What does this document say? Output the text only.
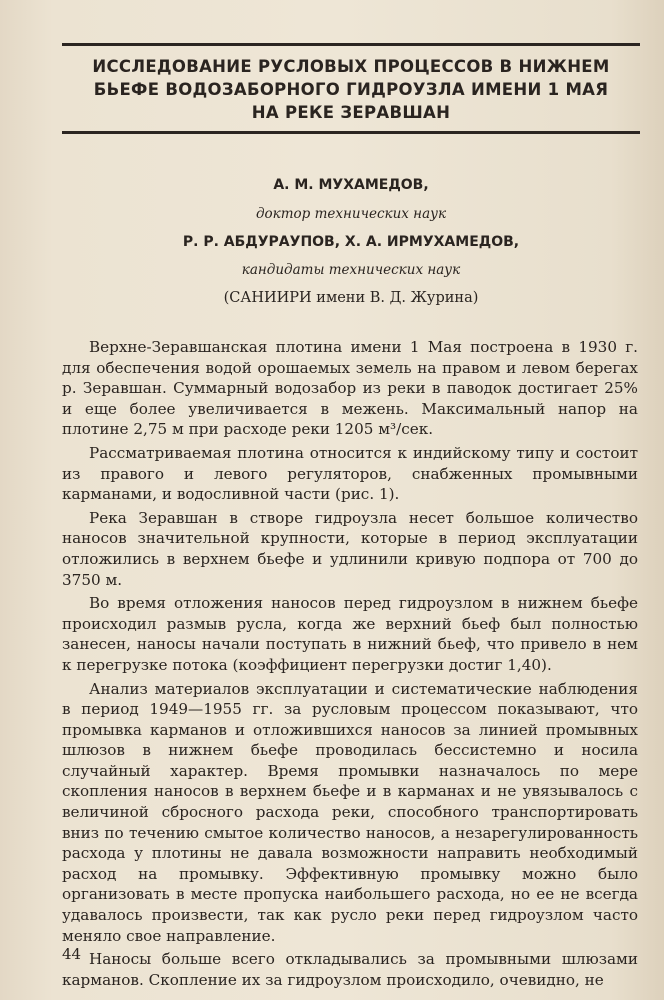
ИССЛЕДОВАНИЕ РУСЛОВЫХ ПРОЦЕССОВ В НИЖНЕМ
БЬЕФЕ ВОДОЗАБОРНОГО ГИДРОУЗЛА ИМЕНИ 1 МАЯ
НА РЕКЕ ЗЕРАВШАН
А. М. МУХАМЕДОВ,
доктор технических наук
Р. Р. АБДУРАУПОВ, Х. А. ИРМУХАМЕДОВ,
кандидаты технических наук
(САНИИРИ имени В. Д. Журина)

Верхне-Зеравшанская плотина имени 1 Мая построена в 1930 г. для обеспечения водой орошаемых земель на правом и левом берегах р. Зеравшан. Суммарный водозабор из реки в паводок достигает 25% и еще более увеличивается в межень. Максимальный напор на плотине 2,75 м при расходе реки 1205 м³/сек.

Рассматриваемая плотина относится к индийскому типу и состоит из правого и левого регуляторов, снабженных промывными карманами, и водосливной части (рис. 1).

Река Зеравшан в створе гидроузла несет большое количество наносов значительной крупности, которые в период эксплуатации отложились в верхнем бьефе и удлинили кривую подпора от 700 до 3750 м.

Во время отложения наносов перед гидроузлом в нижнем бьефе происходил размыв русла, когда же верхний бьеф был полностью занесен, наносы начали поступать в нижний бьеф, что привело в нем к перегрузке потока (коэффициент перегрузки достиг 1,40).

Анализ материалов эксплуатации и систематические наблюдения в период 1949—1955 гг. за русловым процессом показывают, что промывка карманов и отложившихся наносов за линией промывных шлюзов в нижнем бьефе проводилась бессистемно и носила случайный характер. Время промывки назначалось по мере скопления наносов в верхнем бьефе и в карманах и не увязывалось с величиной сбросного расхода реки, способного транспортировать вниз по течению смытое количество наносов, а незарегулированность расхода у плотины не давала возможности направить необходимый расход на промывку. Эффективную промывку можно было организовать в месте пропуска наибольшего расхода, но ее не всегда удавалось произвести, так как русло реки перед гидроузлом часто меняло свое направление.

Наносы больше всего откладывались за промывными шлюзами карманов. Скопление их за гидроузлом происходило, очевидно, не

44
